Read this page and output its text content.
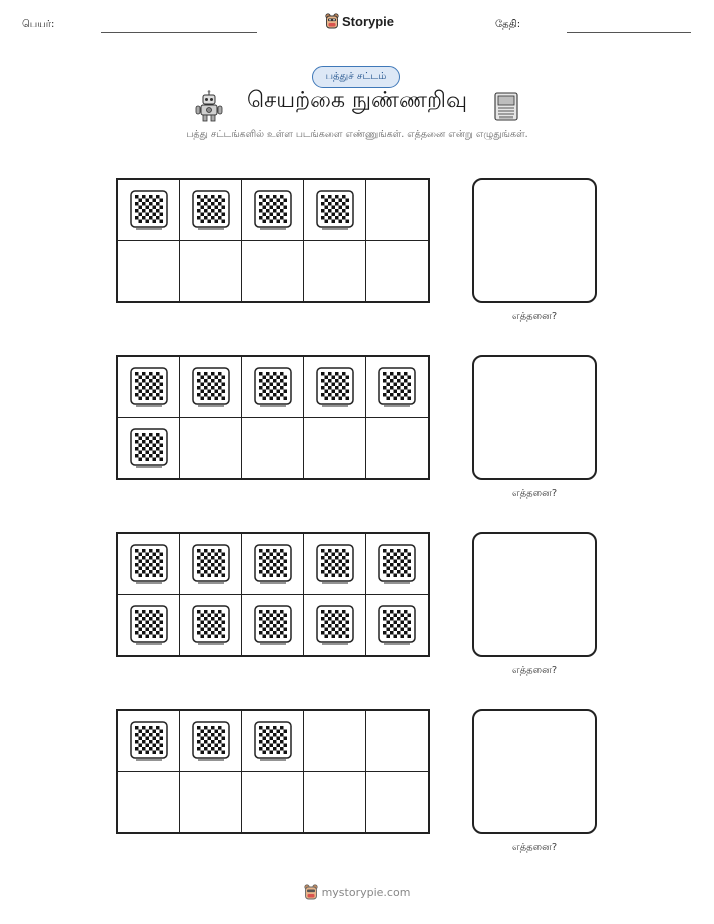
பெயர்:	Storypie	தேதி:
பத்துச் சட்டம்
செயற்கை நுண்ணறிவு
பத்து சட்டங்களில் உள்ள படங்களை எண்ணுங்கள். எத்தனை என்று எழுதுங்கள்.
எத்தனை?
எத்தனை?
எத்தனை?
எத்தனை?
mystorypie.com
